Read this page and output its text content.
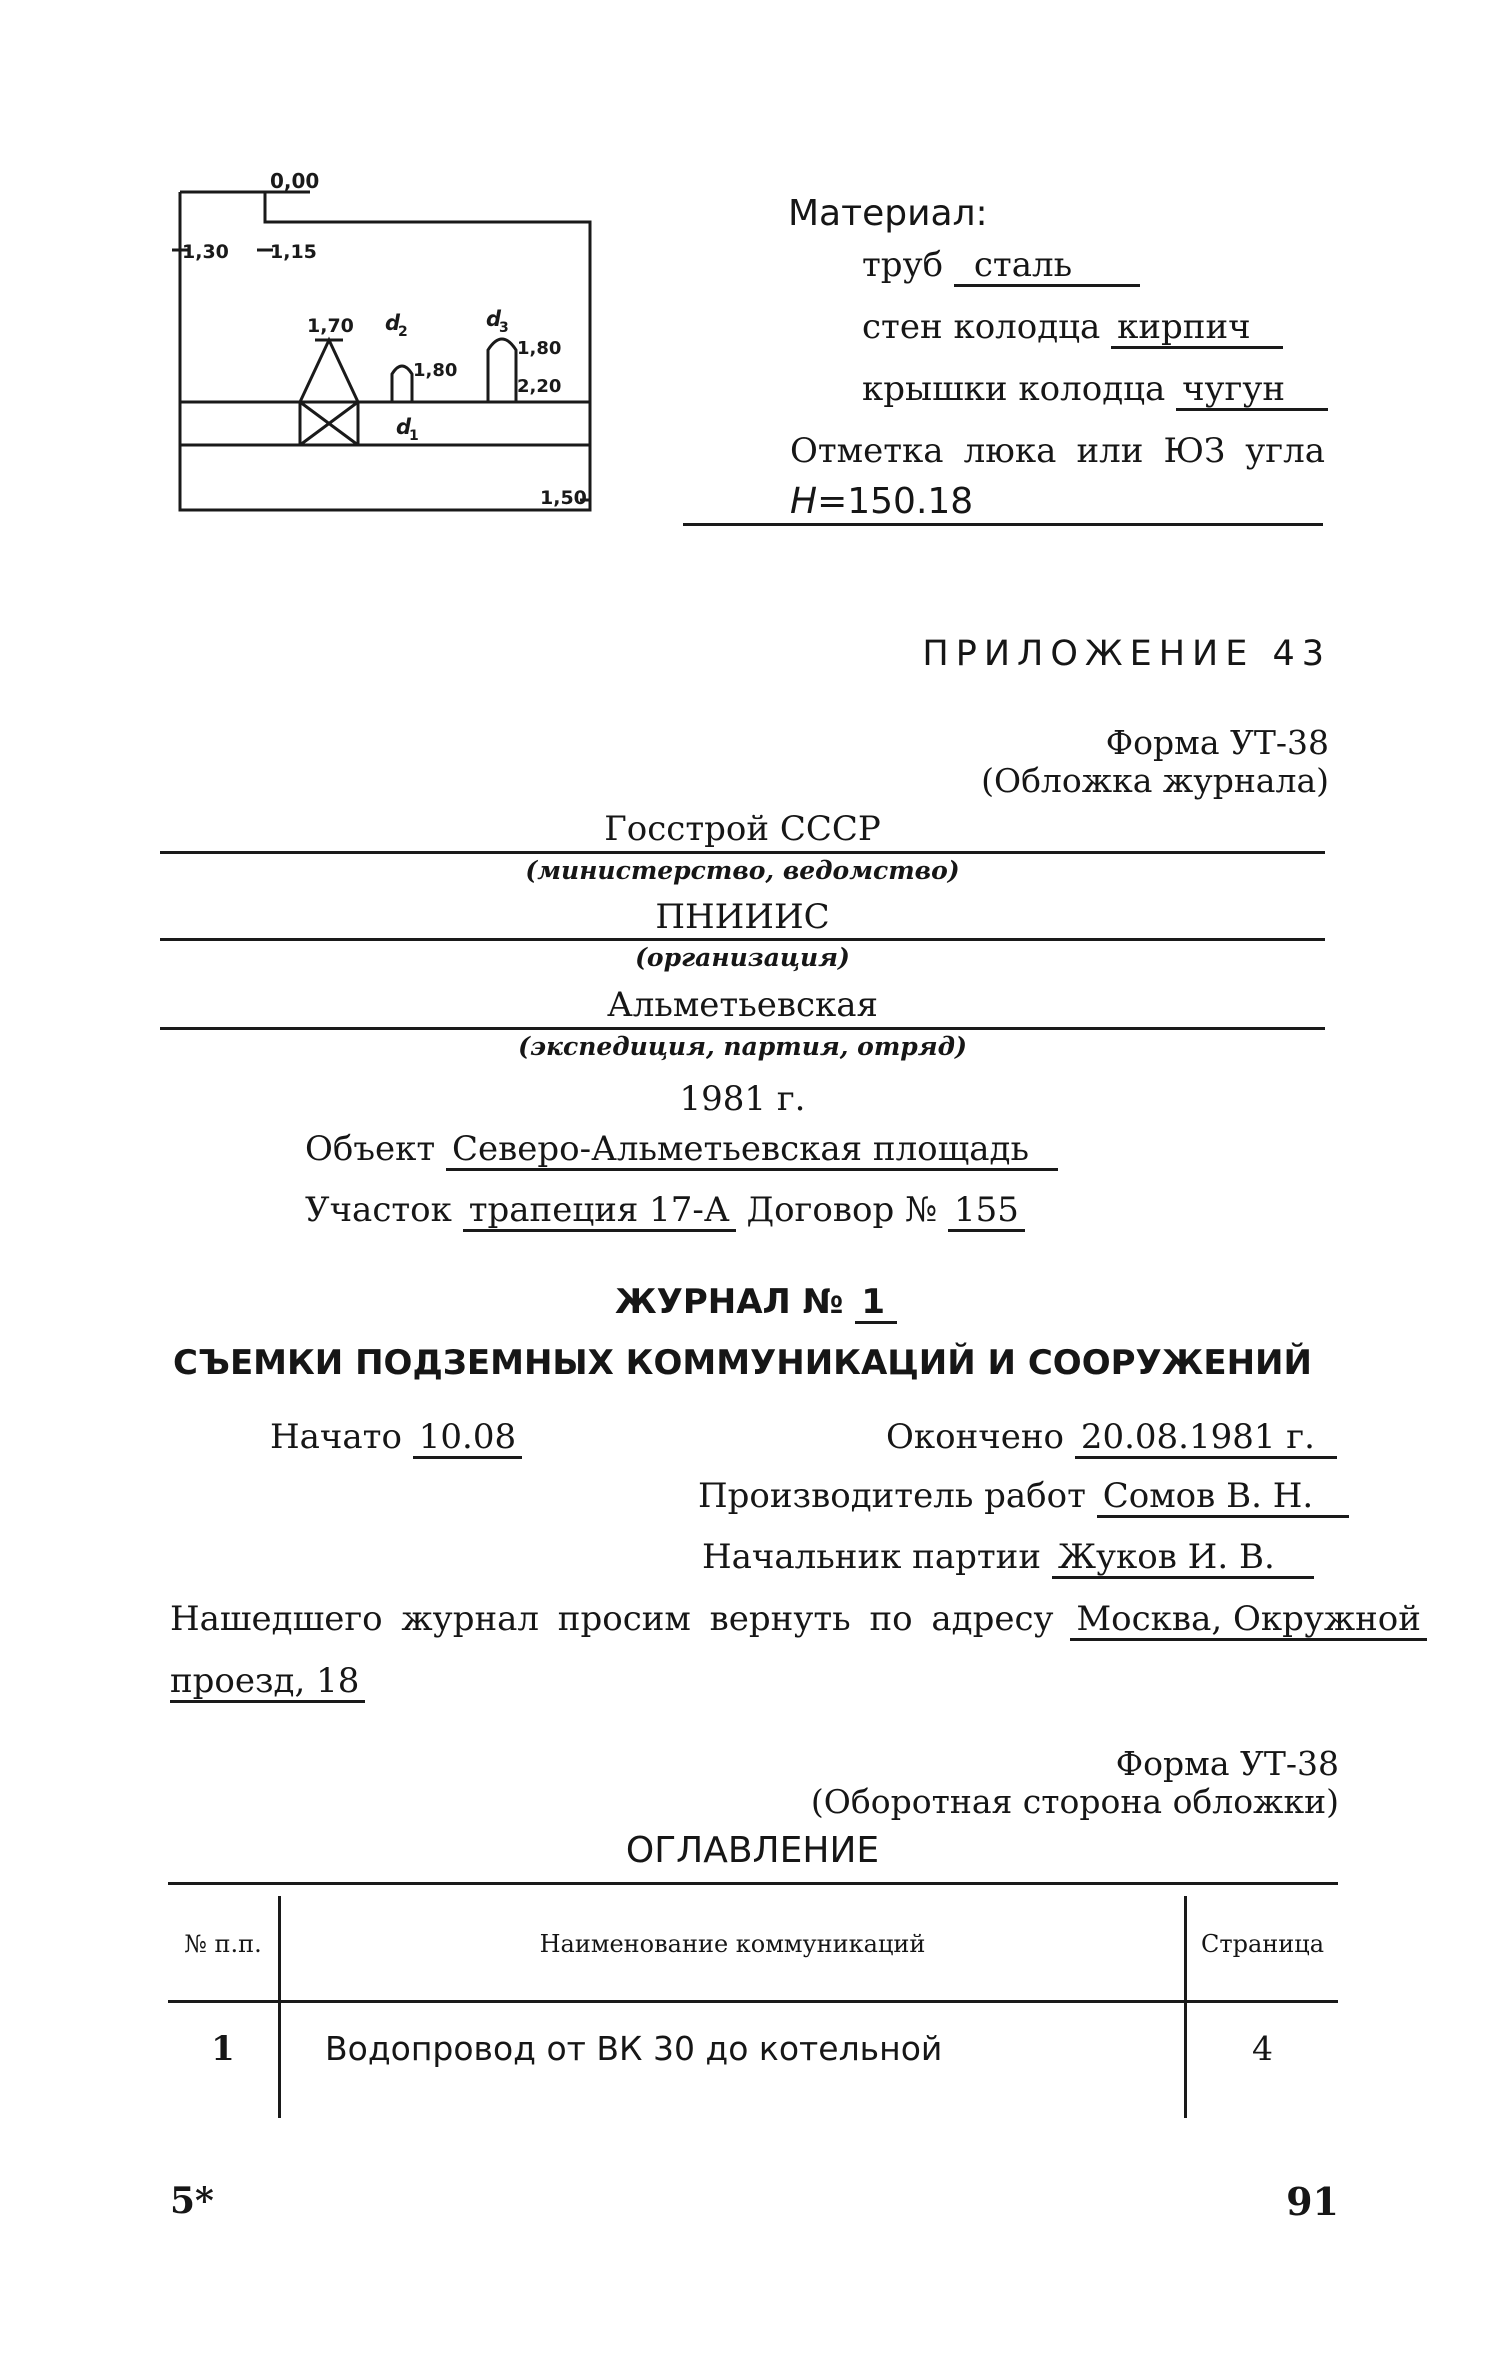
0,00
1,30 1,15
1,70 d
2
1,80
d
3
1,80
2,20
d
1
1,50
Материал:
труб сталь
стен колодца кирпич
крышки колодца чугун
Отметка люка или ЮЗ угла
H=150.18
ПРИЛОЖЕНИЕ 43
Форма УТ-38
(Обложка журнала)
Госстрой СССР
(министерство, ведомство)
ПНИИИС
(организация)
Альметьевская
(экспедиция, партия, отряд)
1981 г.
Объект Северо-Альметьевская площадь
Участок трапеция 17-А Договор № 155
ЖУРНАЛ № 1
СЪЕМКИ ПОДЗЕМНЫХ КОММУНИКАЦИЙ И СООРУЖЕНИЙ
Начато 10.08	Окончено 20.08.1981 г.
Производитель работ Сомов В. Н.
Начальник партии Жуков И. В.
Нашедшего журнал просим вернуть по адресу Москва, Окружной
проезд, 18
Форма УТ-38
(Оборотная сторона обложки)
ОГЛАВЛЕНИЕ
№ п.п.	Наименование коммуникаций	Страница
1	Водопровод от ВК 30 до котельной	4
5*	91
